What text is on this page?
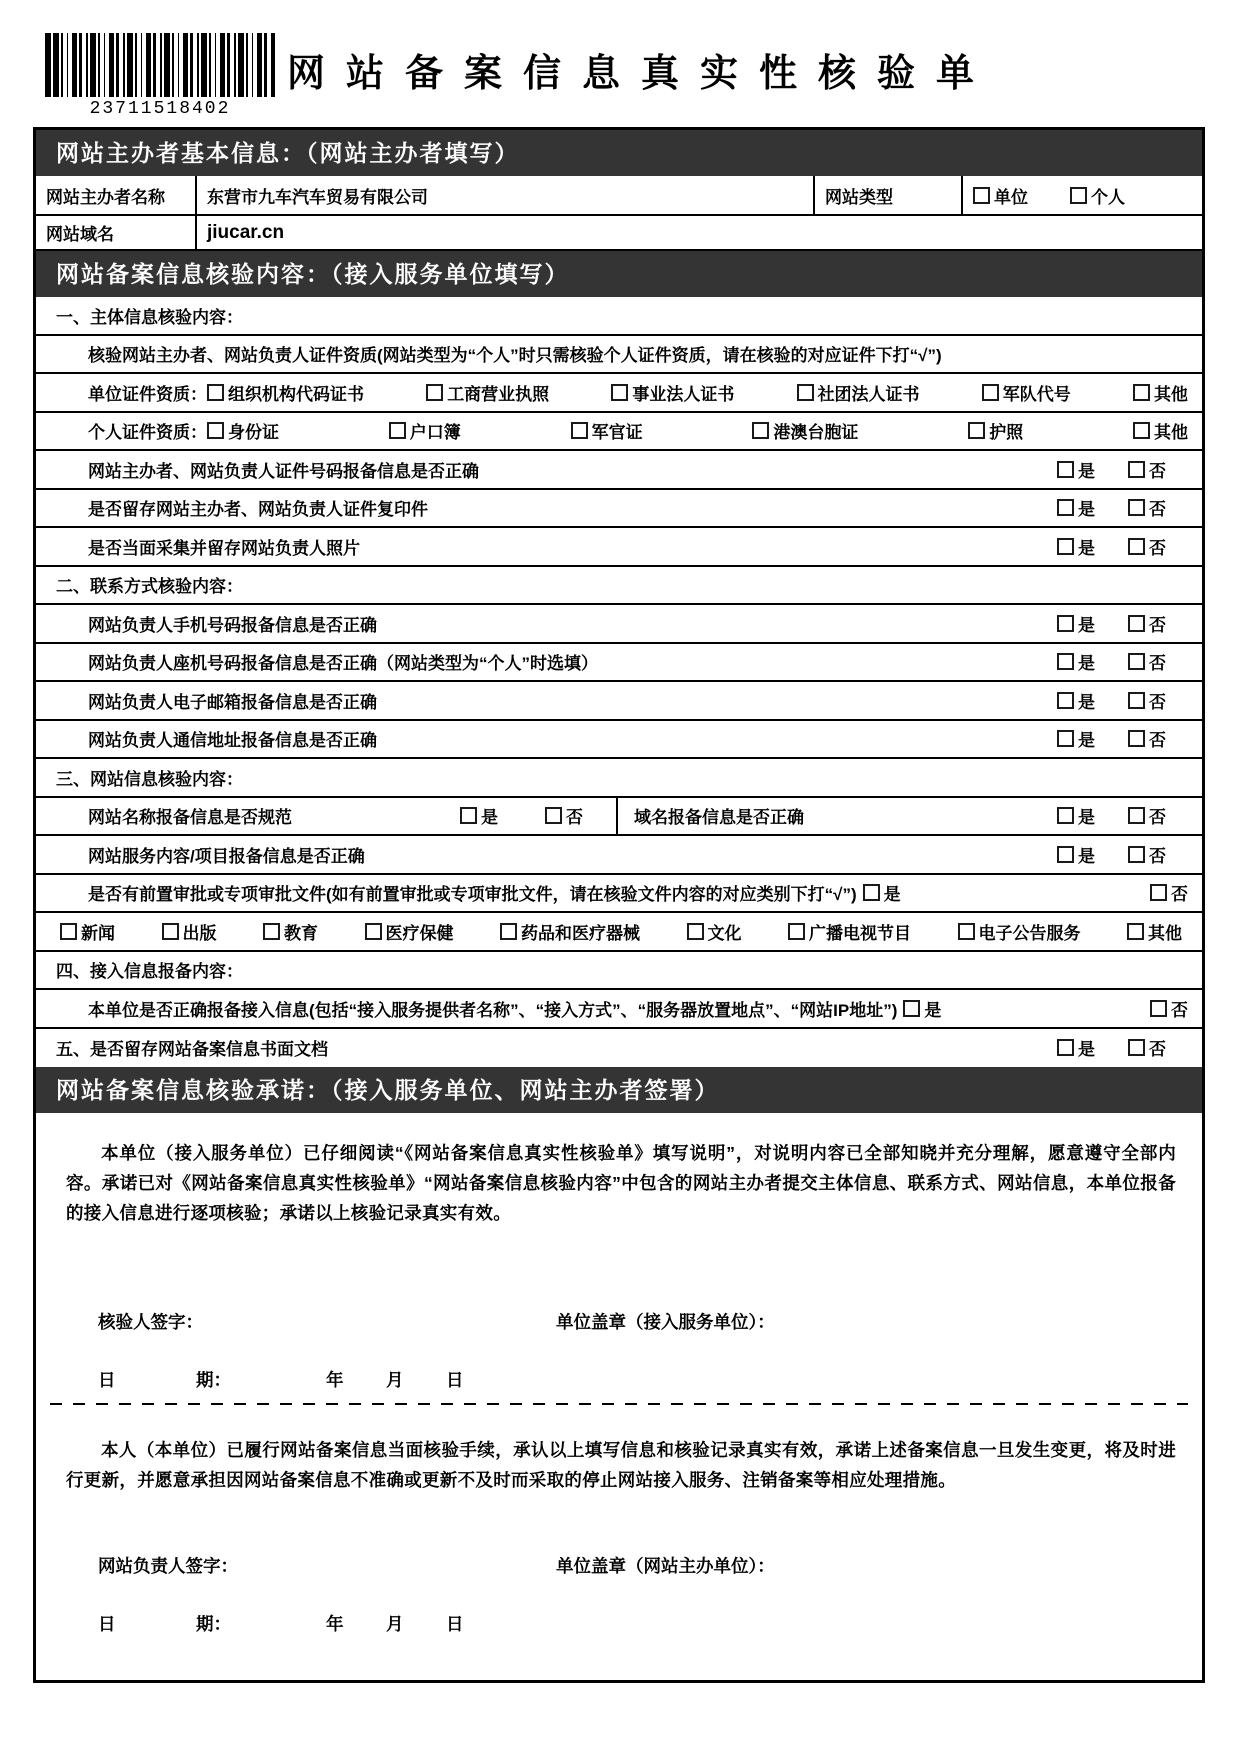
23711518402
网站备案信息真实性核验单
网站主办者基本信息：（网站主办者填写）
网站主办者名称	东营市九车汽车贸易有限公司	网站类型	单位	个人
网站域名	jiucar.cn
网站备案信息核验内容：（接入服务单位填写）
一、主体信息核验内容：
核验网站主办者、网站负责人证件资质(网站类型为“个人”时只需核验个人证件资质，请在核验的对应证件下打“√”)
单位证件资质： 组织机构代码证书	工商营业执照	事业法人证书	社团法人证书	军队代号	其他
个人证件资质： 身份证	户口簿	军官证	港澳台胞证	护照	其他
网站主办者、网站负责人证件号码报备信息是否正确	是	否
是否留存网站主办者、网站负责人证件复印件	是	否
是否当面采集并留存网站负责人照片	是	否
二、联系方式核验内容：
网站负责人手机号码报备信息是否正确	是	否
网站负责人座机号码报备信息是否正确（网站类型为“个人”时选填）	是	否
网站负责人电子邮箱报备信息是否正确	是	否
网站负责人通信地址报备信息是否正确	是	否
三、网站信息核验内容：
网站名称报备信息是否规范	是	否	域名报备信息是否正确	是	否
网站服务内容/项目报备信息是否正确	是	否
是否有前置审批或专项审批文件(如有前置审批或专项审批文件，请在核验文件内容的对应类别下打“√”) 是	否
新闻	出版	教育	医疗保健	药品和医疗器械	文化	广播电视节目	电子公告服务	其他
四、接入信息报备内容：
本单位是否正确报备接入信息(包括“接入服务提供者名称”、“接入方式”、“服务器放置地点”、“网站IP地址”) 是	否
五、是否留存网站备案信息书面文档	是	否
网站备案信息核验承诺：（接入服务单位、网站主办者签署）
本单位（接入服务单位）已仔细阅读“《网站备案信息真实性核验单》填写说明”，对说明内容已全部知晓并充分理解，愿意遵守全部内容。承诺已对《网站备案信息真实性核验单》“网站备案信息核验内容”中包含的网站主办者提交主体信息、联系方式、网站信息，本单位报备的接入信息进行逐项核验；承诺以上核验记录真实有效。
核验人签字：	单位盖章（接入服务单位）：
日	期：	年 月 日
本人（本单位）已履行网站备案信息当面核验手续，承认以上填写信息和核验记录真实有效，承诺上述备案信息一旦发生变更，将及时进行更新，并愿意承担因网站备案信息不准确或更新不及时而采取的停止网站接入服务、注销备案等相应处理措施。
网站负责人签字：	单位盖章（网站主办单位）：
日	期：	年 月 日
